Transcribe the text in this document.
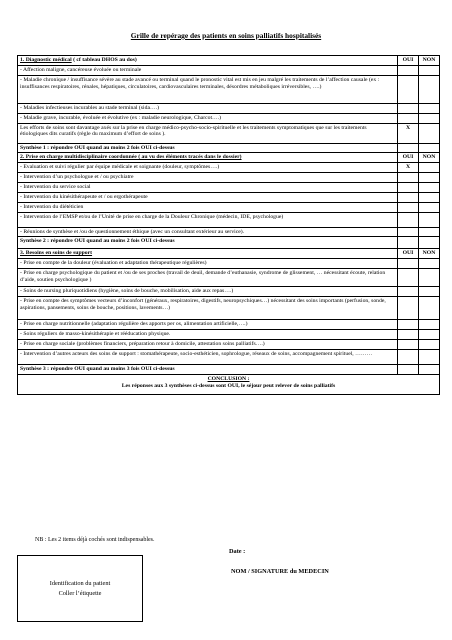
Grille de repérage des patients en soins palliatifs hospitalisés
1. Diagnostic médical ( cf tableau DHOS au dos)	OUI	NON
- Affection maligne, cancéreuse évoluée ou terminale		
- Maladie chronique / insuffisance sévère au stade avancé ou terminal quand le pronostic vital est mis en jeu malgré les traitements de l’affection causale (ex : insuffisances respiratoires, rénales, hépatiques, circulatoires, cardiovasculaires terminales, désordres métaboliques irréversibles, ….)		
- Maladies infectieuses incurables au stade terminal (sida….)		
- Maladie grave, incurable, évoluée et évolutive (ex : maladie neurologique, Charcot….)		
Les efforts de soins sont davantage axés sur la prise en charge médico-psycho-socio-spirituelle et les traitements symptomatiques que sur les traitements étiologiques dits curatifs (règle du maximum d’effort de soins ).	X	
Synthèse 1 : répondre OUI quand au moins 2 fois OUI ci-dessus		
2. Prise en charge multidisciplinaire coordonnée ( au vu des éléments tracés dans le dossier)	OUI	NON
- Evaluation et suivi régulier par équipe médicale et soignante (douleur, symptômes….)	X	
- Intervention d’un psychologue et / ou psychiatre		
- Intervention du service social		
- Intervention du kinésithérapeute et / ou ergothérapeute		
- Intervention du diététicien		
- Intervention de l’EMSP et/ou de l’Unité de prise en charge de la Douleur Chronique (médecin, IDE, psychologue)		
- Réunions de synthèse et /ou de questionnement éthique (avec un consultant extérieur au service).		
Synthèse 2 : répondre OUI quand au moins 2 fois OUI ci-dessus		
3. Besoins en soins de support	OUI	NON
- Prise en compte de la douleur (évaluation et adaptation thérapeutique régulières)		
- Prise en charge psychologique du patient et /ou de ses proches (travail de deuil, demande d’euthanasie, syndrome de glissement, … nécessitant écoute, relation d’aide, soutien psychologique )		
- Soins de nursing pluriquotidiens (hygiène, soins de bouche, mobilisation, aide aux repas….)		
- Prise en compte des symptômes vecteurs d’inconfort (généraux, respiratoires, digestifs, neuropsychiques…) nécessitant des soins importants (perfusion, sonde, aspirations, pansements, soins de bouche, positions, lavements…)		
- Prise en charge nutritionnelle (adaptation régulière des apports per os, alimentation artificielle,….)		
- Soins réguliers de masso-kinésithérapie et rééducation physique.		
- Prise en charge sociale (problèmes financiers, préparation retour à domicile, attestation soins palliatifs….)		
- Intervention d’autres acteurs des soins de support : stomathérapeute, socio-esthéticien, sophrologue, réseaux de soins, accompagnement spirituel, ………		
Synthèse 3 : répondre OUI quand au moins 3 fois OUI ci-dessus		

CONCLUSION :
Les réponses aux 3 synthèses ci-dessus sont OUI, le séjour peut relever de soins palliatifs		
NB : Les 2 items déjà cochés sont indispensables.
Date :
Identification du patient
Coller l’étiquette
NOM / SIGNATURE du MEDECIN
